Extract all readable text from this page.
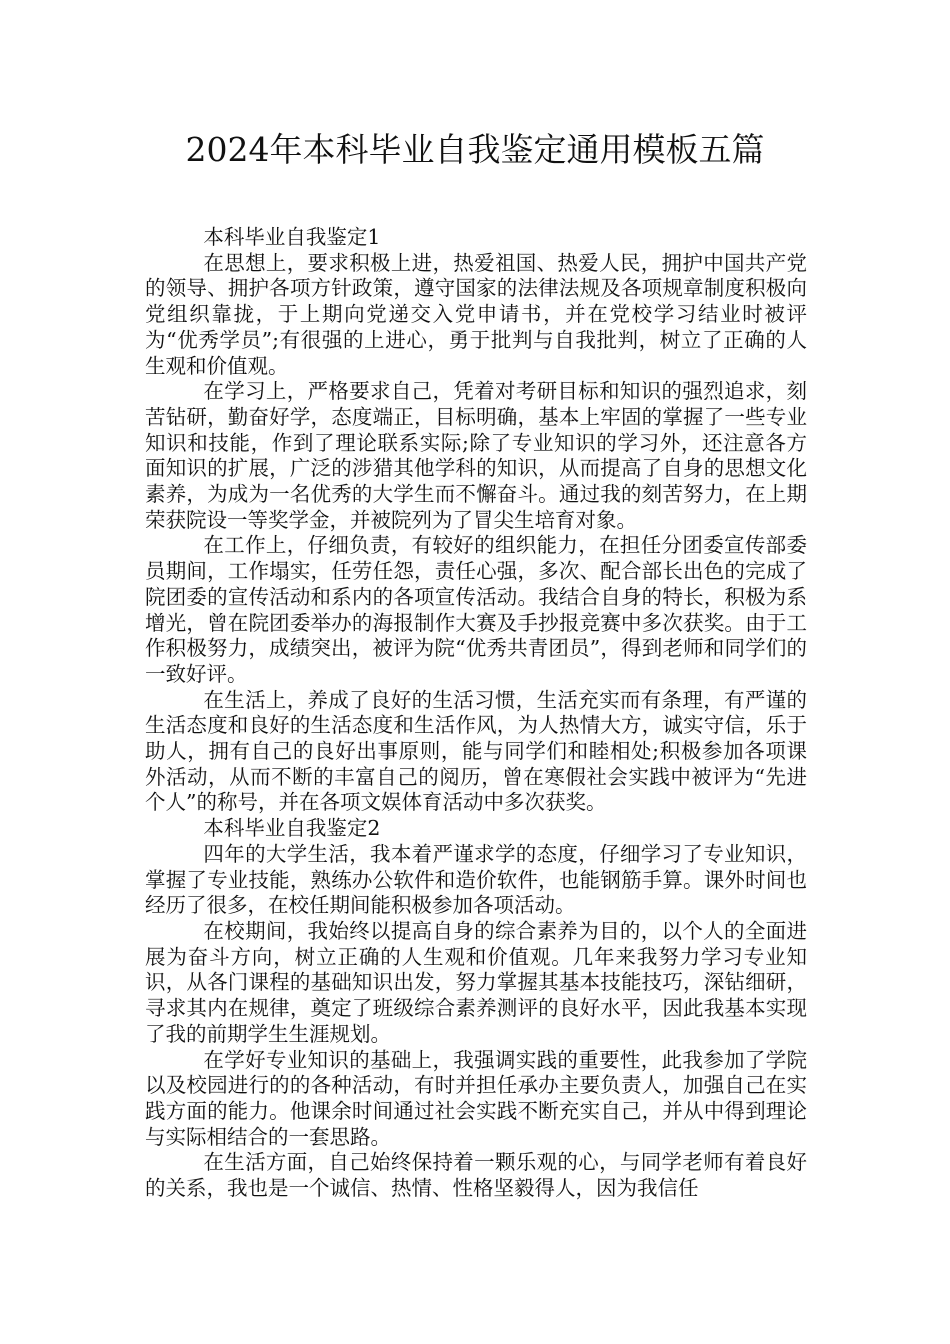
2024年本科毕业自我鉴定通用模板五篇

本科毕业自我鉴定1

在思想上，要求积极上进，热爱祖国、热爱人民，拥护中国共产党的领导、拥护各项方针政策，遵守国家的法律法规及各项规章制度积极向党组织靠拢，于上期向党递交入党申请书，并在党校学习结业时被评为“优秀学员”;有很强的上进心，勇于批判与自我批判，树立了正确的人生观和价值观。

在学习上，严格要求自己，凭着对考研目标和知识的强烈追求，刻苦钻研，勤奋好学，态度端正，目标明确，基本上牢固的掌握了一些专业知识和技能，作到了理论联系实际;除了专业知识的学习外，还注意各方面知识的扩展，广泛的涉猎其他学科的知识，从而提高了自身的思想文化素养，为成为一名优秀的大学生而不懈奋斗。通过我的刻苦努力，在上期荣获院设一等奖学金，并被院列为了冒尖生培育对象。

在工作上，仔细负责，有较好的组织能力，在担任分团委宣传部委员期间，工作塌实，任劳任怨，责任心强，多次、配合部长出色的完成了院团委的宣传活动和系内的各项宣传活动。我结合自身的特长，积极为系增光，曾在院团委举办的海报制作大赛及手抄报竞赛中多次获奖。由于工作积极努力，成绩突出，被评为院“优秀共青团员”，得到老师和同学们的一致好评。

在生活上，养成了良好的生活习惯，生活充实而有条理，有严谨的生活态度和良好的生活态度和生活作风，为人热情大方，诚实守信，乐于助人，拥有自己的良好出事原则，能与同学们和睦相处;积极参加各项课外活动，从而不断的丰富自己的阅历，曾在寒假社会实践中被评为“先进个人”的称号，并在各项文娱体育活动中多次获奖。

本科毕业自我鉴定2

四年的大学生活，我本着严谨求学的态度，仔细学习了专业知识，掌握了专业技能，熟练办公软件和造价软件，也能钢筋手算。课外时间也经历了很多，在校任期间能积极参加各项活动。

在校期间，我始终以提高自身的综合素养为目的，以个人的全面进展为奋斗方向，树立正确的人生观和价值观。几年来我努力学习专业知识，从各门课程的基础知识出发，努力掌握其基本技能技巧，深钻细研，寻求其内在规律，奠定了班级综合素养测评的良好水平，因此我基本实现了我的前期学生生涯规划。

在学好专业知识的基础上，我强调实践的重要性，此我参加了学院以及校园进行的的各种活动，有时并担任承办主要负责人，加强自己在实践方面的能力。他课余时间通过社会实践不断充实自己，并从中得到理论与实际相结合的一套思路。

在生活方面，自己始终保持着一颗乐观的心，与同学老师有着良好的关系，我也是一个诚信、热情、性格坚毅得人，因为我信任
